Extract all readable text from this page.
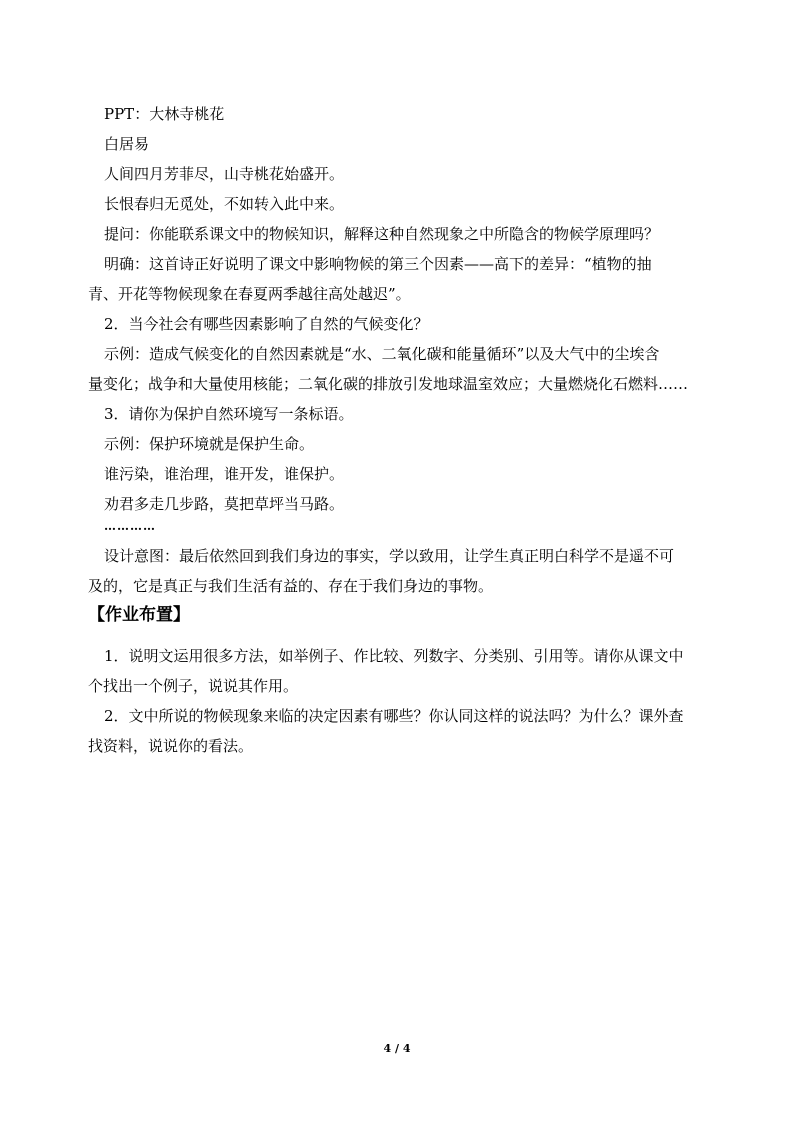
PPT：大林寺桃花
白居易
人间四月芳菲尽，山寺桃花始盛开。
长恨春归无觅处，不如转入此中来。
提问：你能联系课文中的物候知识，解释这种自然现象之中所隐含的物候学原理吗？
明确：这首诗正好说明了课文中影响物候的第三个因素——高下的差异：“植物的抽
青、开花等物候现象在春夏两季越往高处越迟”。
2．当今社会有哪些因素影响了自然的气候变化？
示例：造成气候变化的自然因素就是“水、二氧化碳和能量循环”以及大气中的尘埃含
量变化；战争和大量使用核能；二氧化碳的排放引发地球温室效应；大量燃烧化石燃料……
3．请你为保护自然环境写一条标语。
示例：保护环境就是保护生命。
谁污染，谁治理，谁开发，谁保护。
劝君多走几步路，莫把草坪当马路。
…………
设计意图：最后依然回到我们身边的事实，学以致用，让学生真正明白科学不是遥不可
及的，它是真正与我们生活有益的、存在于我们身边的事物。
【作业布置】
1．说明文运用很多方法，如举例子、作比较、列数字、分类别、引用等。请你从课文中
个找出一个例子，说说其作用。
2．文中所说的物候现象来临的决定因素有哪些？你认同这样的说法吗？为什么？课外查
找资料，说说你的看法。
4 / 4
